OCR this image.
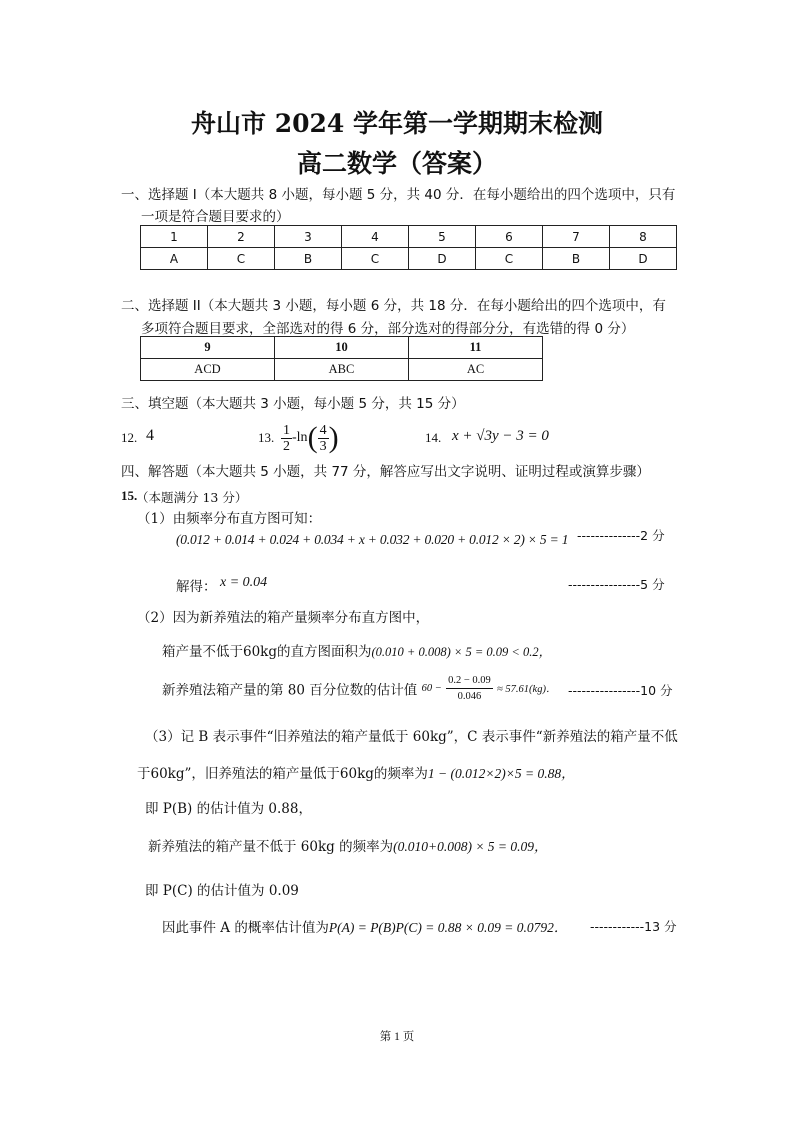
舟山市 2024 学年第一学期期末检测
高二数学（答案）
一、选择题 I（本大题共 8 小题，每小题 5 分，共 40 分．在每小题给出的四个选项中，只有
一项是符合题目要求的）
1	2	3	4	5	6	7	8
A	C	B	C	D	C	B	D
二、选择题 II（本大题共 3 小题，每小题 6 分，共 18 分．在每小题给出的四个选项中，有
多项符合题目要求，全部选对的得 6 分，部分选对的得部分分，有选错的得 0 分）
9	10	11
ACD	ABC	AC
三、填空题（本大题共 3 小题，每小题 5 分，共 15 分）
12. 4	13. $\frac{1}{2} -\ln( \frac{4}{3}$ )	14. x + √3y − 3 = 0
四、解答题（本大题共 5 小题，共 77 分，解答应写出文字说明、证明过程或演算步骤）
15.
（本题满分 13 分）
（1）由频率分布直方图可知：
(0.012 + 0.014 + 0.024 + 0.034 + x + 0.032 + 0.020 + 0.012 × 2) × 5 = 1 --------------2 分
解得： x = 0.04	----------------5 分
（2）因为新养殖法的箱产量频率分布直方图中，
箱产量不低于60kg的直方图面积为(0.010 + 0.008) × 5 = 0.09 < 0.2，
新养殖法箱产量的第 80 百分位数的估计值 $60 - \frac{0.2 - 0.09}{0.046} \approx 57.61(kg)$． ----------------10 分
（3）记 B 表示事件“旧养殖法的箱产量低于 60kg”，C 表示事件“新养殖法的箱产量不低
于60kg”，旧养殖法的箱产量低于60kg的频率为1 − (0.012×2)×5 = 0.88，
即 P(B) 的估计值为 0.88，
新养殖法的箱产量不低于 60kg 的频率为(0.010+0.008) × 5 = 0.09，
即 P(C) 的估计值为 0.09
因此事件 A 的概率估计值为P(A) = P(B)P(C) = 0.88 × 0.09 = 0.0792． ------------13 分
第 1 页
